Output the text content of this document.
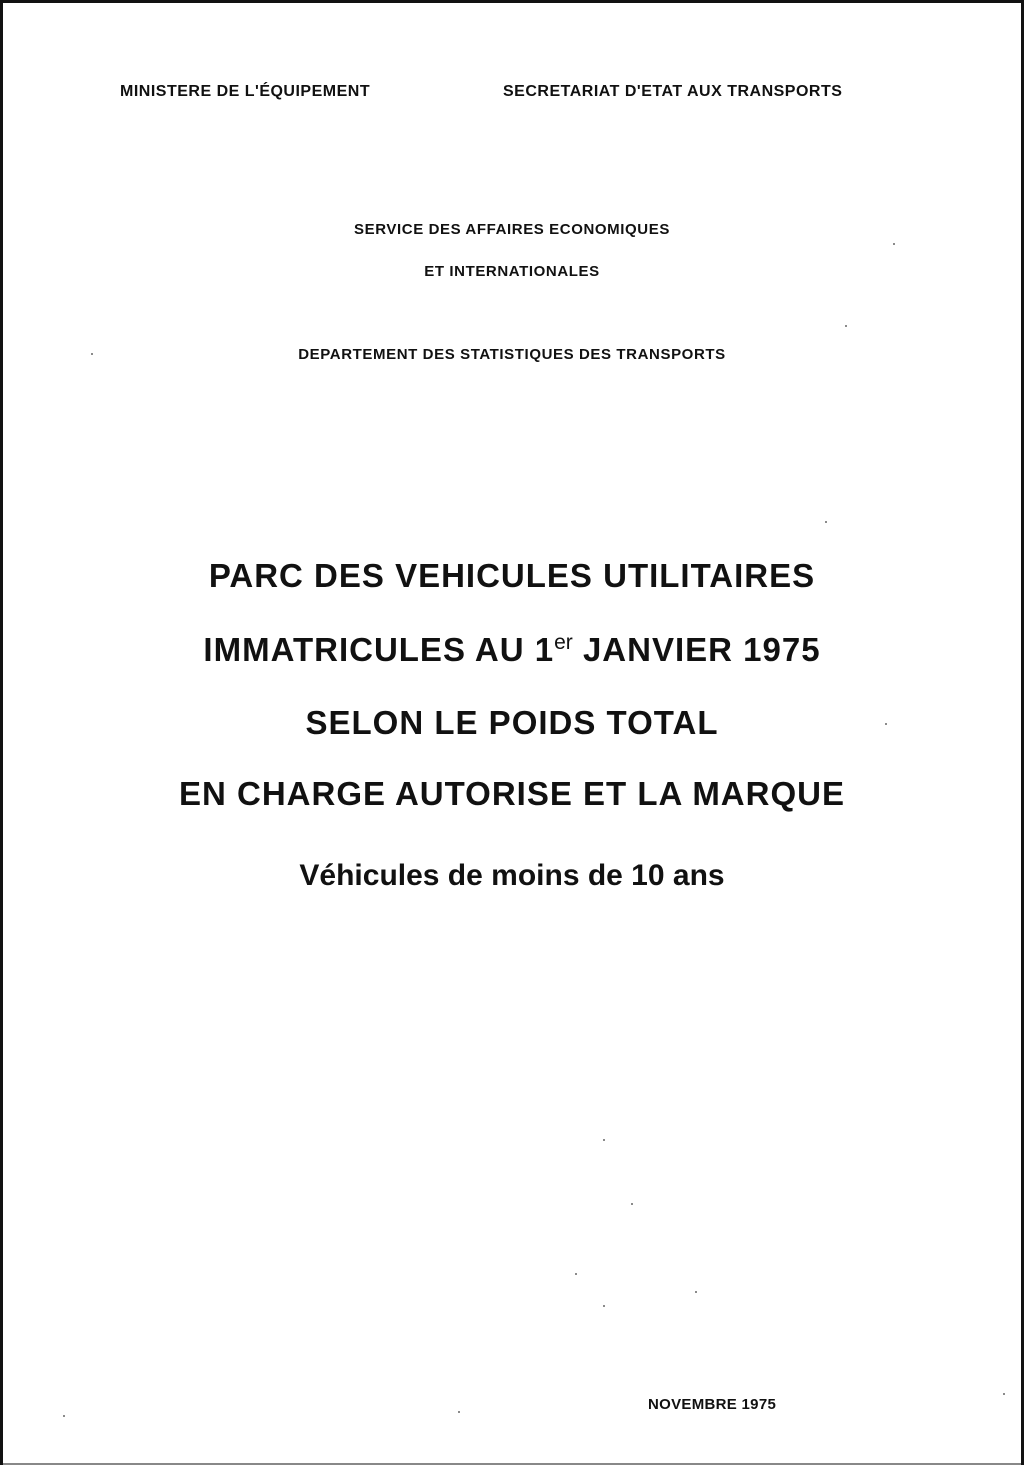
MINISTERE DE L'ÉQUIPEMENT	SECRETARIAT D'ETAT AUX TRANSPORTS
SERVICE DES AFFAIRES ECONOMIQUES
ET INTERNATIONALES
DEPARTEMENT DES STATISTIQUES DES TRANSPORTS
PARC DES VEHICULES UTILITAIRES
IMMATRICULES AU 1er JANVIER 1975
SELON LE POIDS TOTAL
EN CHARGE AUTORISE ET LA MARQUE
Véhicules de moins de 10 ans
NOVEMBRE 1975
